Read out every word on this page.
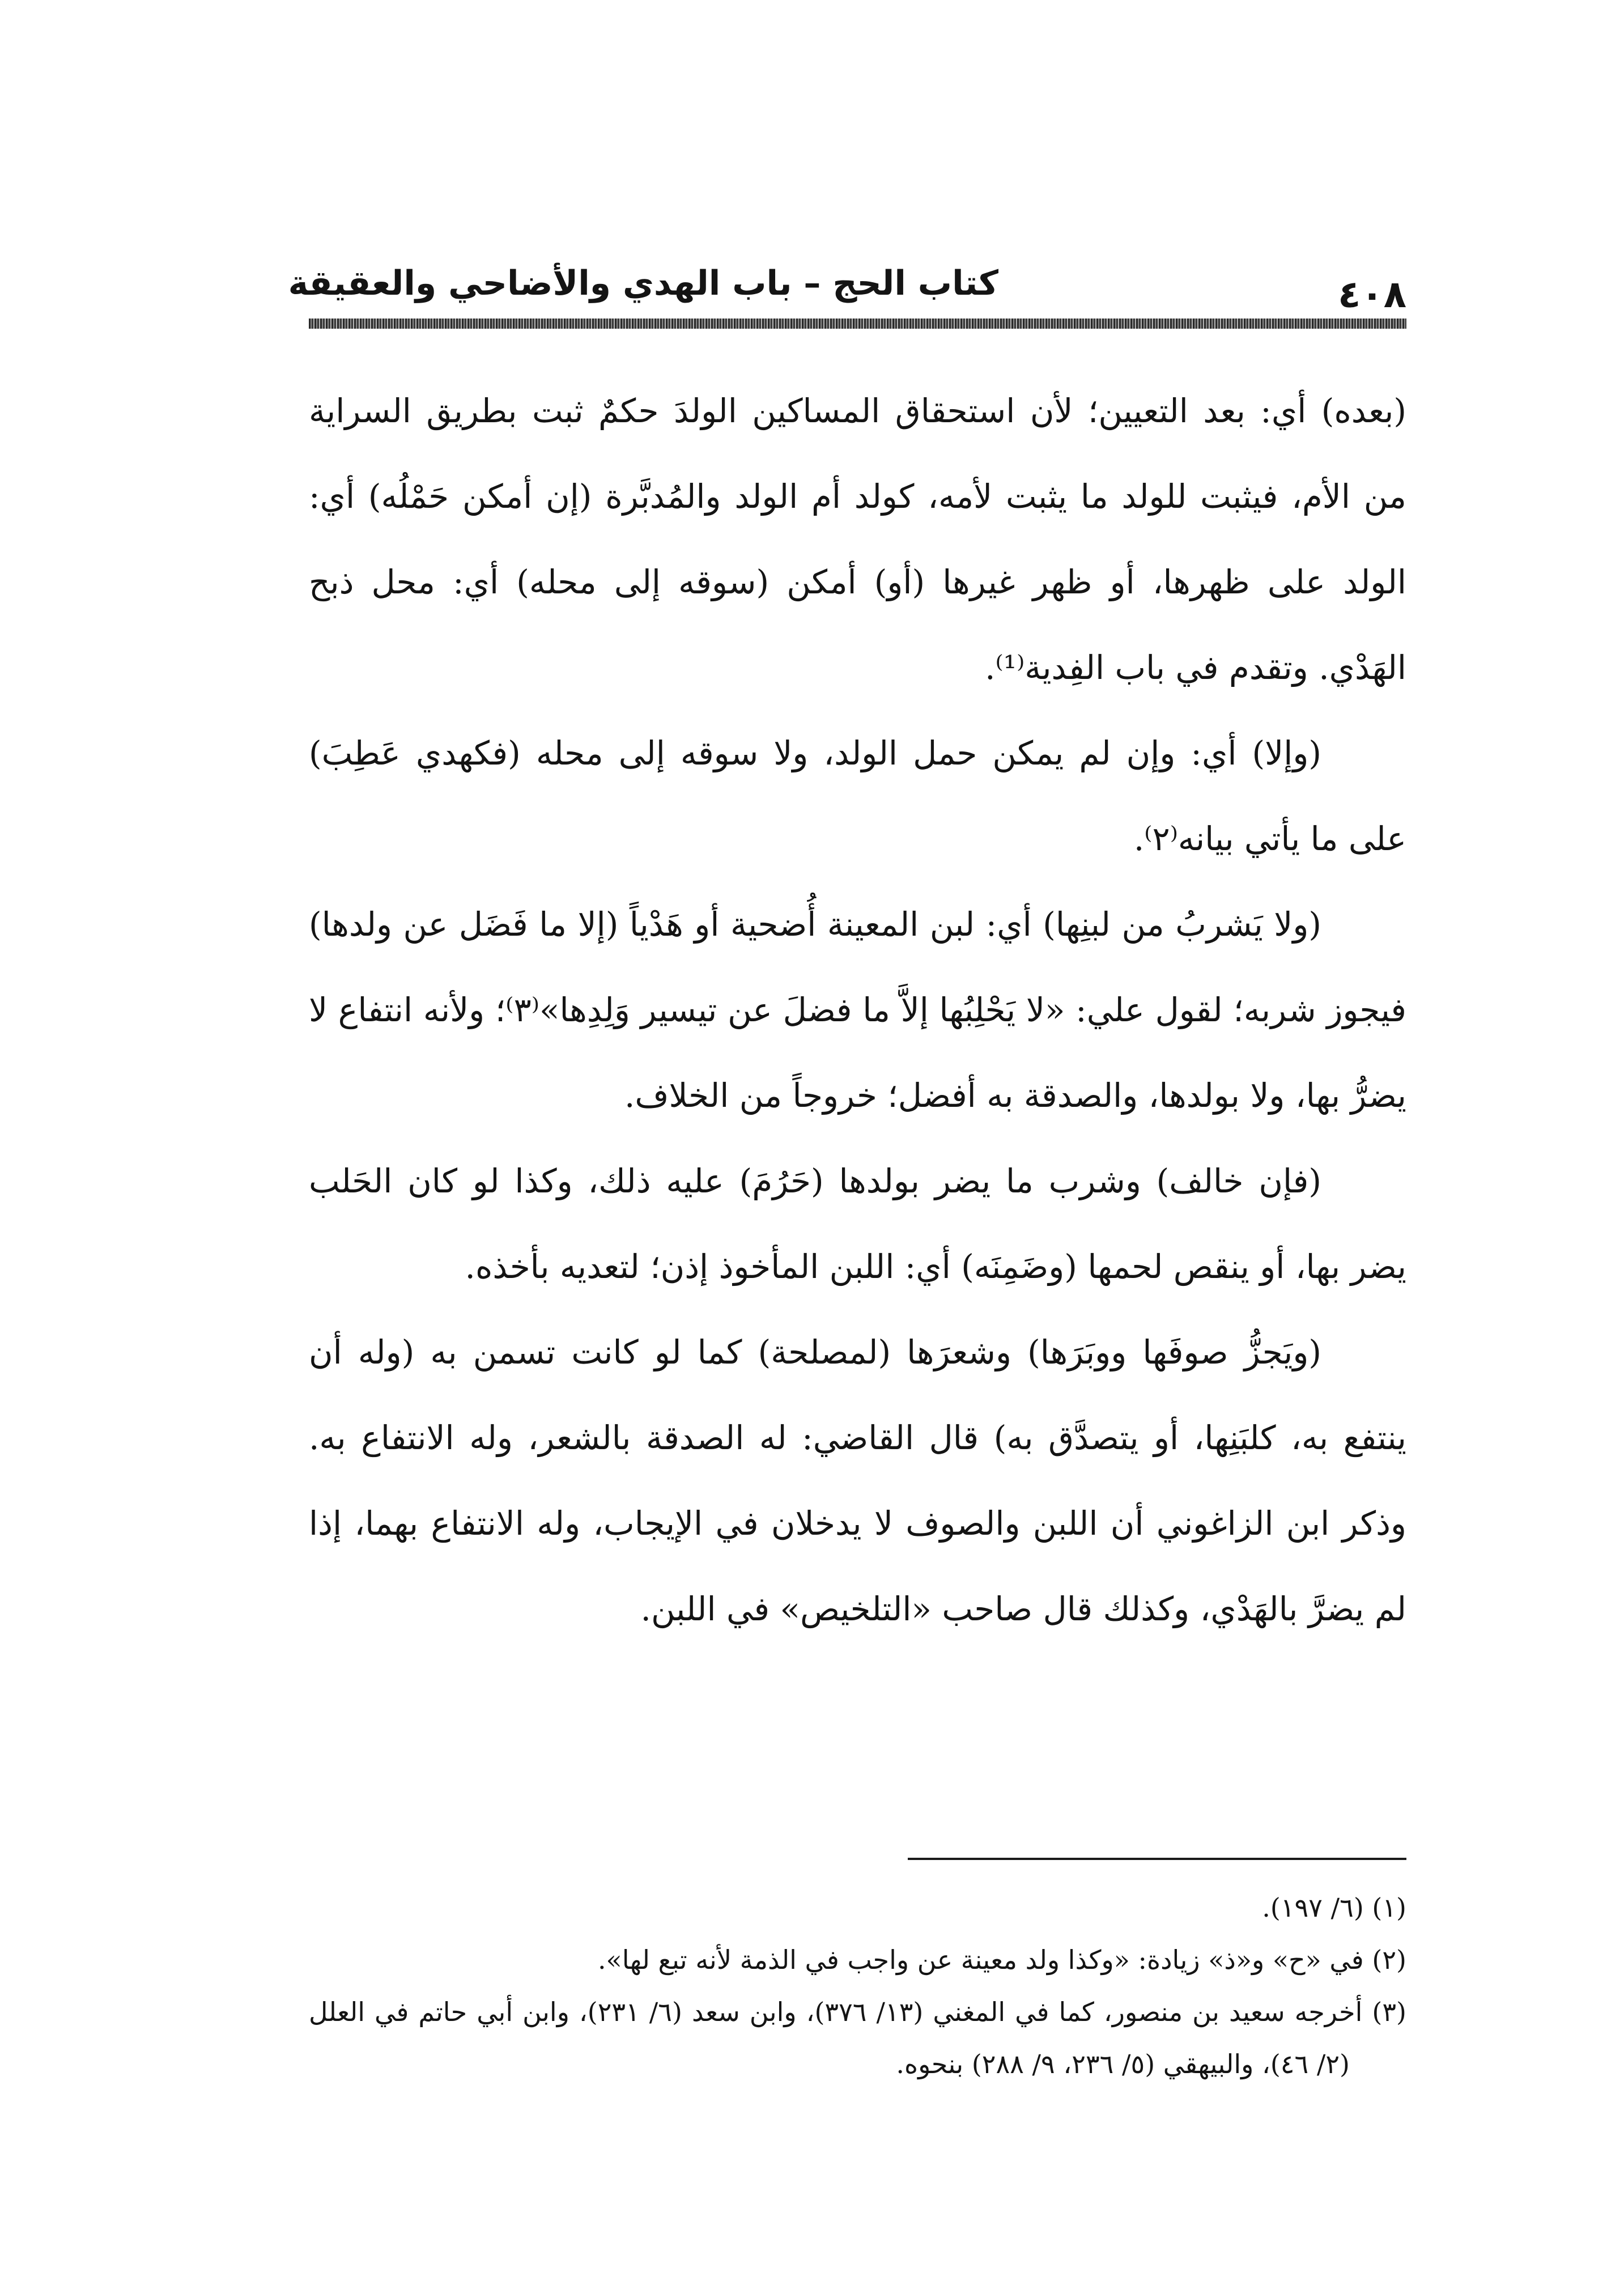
٤٠٨
كتاب الحج – باب الهدي والأضاحي والعقيقة

(بعده) أي: بعد التعيين؛ لأن استحقاق المساكين الولدَ حكمٌ ثبت بطريق السراية من الأم، فيثبت للولد ما يثبت لأمه، كولد أم الولد والمُدبَّرة (إن أمكن حَمْلُه) أي: الولد على ظهرها، أو ظهر غيرها (أو) أمكن (سوقه إلى محله) أي: محل ذبح الهَدْي. وتقدم في باب الفِدية⁽¹⁾.

(وإلا) أي: وإن لم يمكن حمل الولد، ولا سوقه إلى محله (فكهدي عَطِبَ) على ما يأتي بيانه⁽٢⁾.

(ولا يَشربُ من لبنِها) أي: لبن المعينة أُضحية أو هَدْياً (إلا ما فَضَل عن ولدها) فيجوز شربه؛ لقول علي: «لا يَحْلِبُها إلاَّ ما فضلَ عن تيسير وَلِدِها»⁽٣⁾؛ ولأنه انتفاع لا يضرُّ بها، ولا بولدها، والصدقة به أفضل؛ خروجاً من الخلاف.

(فإن خالف) وشرب ما يضر بولدها (حَرُمَ) عليه ذلك، وكذا لو كان الحَلب يضر بها، أو ينقص لحمها (وضَمِنَه) أي: اللبن المأخوذ إذن؛ لتعديه بأخذه.

(ويَجزُّ صوفَها ووبَرَها) وشعرَها (لمصلحة) كما لو كانت تسمن به (وله أن ينتفع به، كلبَنِها، أو يتصدَّق به) قال القاضي: له الصدقة بالشعر، وله الانتفاع به. وذكر ابن الزاغوني أن اللبن والصوف لا يدخلان في الإيجاب، وله الانتفاع بهما، إذا لم يضرَّ بالهَدْي، وكذلك قال صاحب «التلخيص» في اللبن.

(١) (٦/ ١٩٧).

(٢) في «ح» و«ذ» زيادة: «وكذا ولد معينة عن واجب في الذمة لأنه تبع لها».

(٣) أخرجه سعيد بن منصور، كما في المغني (١٣/ ٣٧٦)، وابن سعد (٦/ ٢٣١)، وابن أبي حاتم في العلل (٢/ ٤٦)، والبيهقي (٥/ ٢٣٦، ٩/ ٢٨٨) بنحوه.
